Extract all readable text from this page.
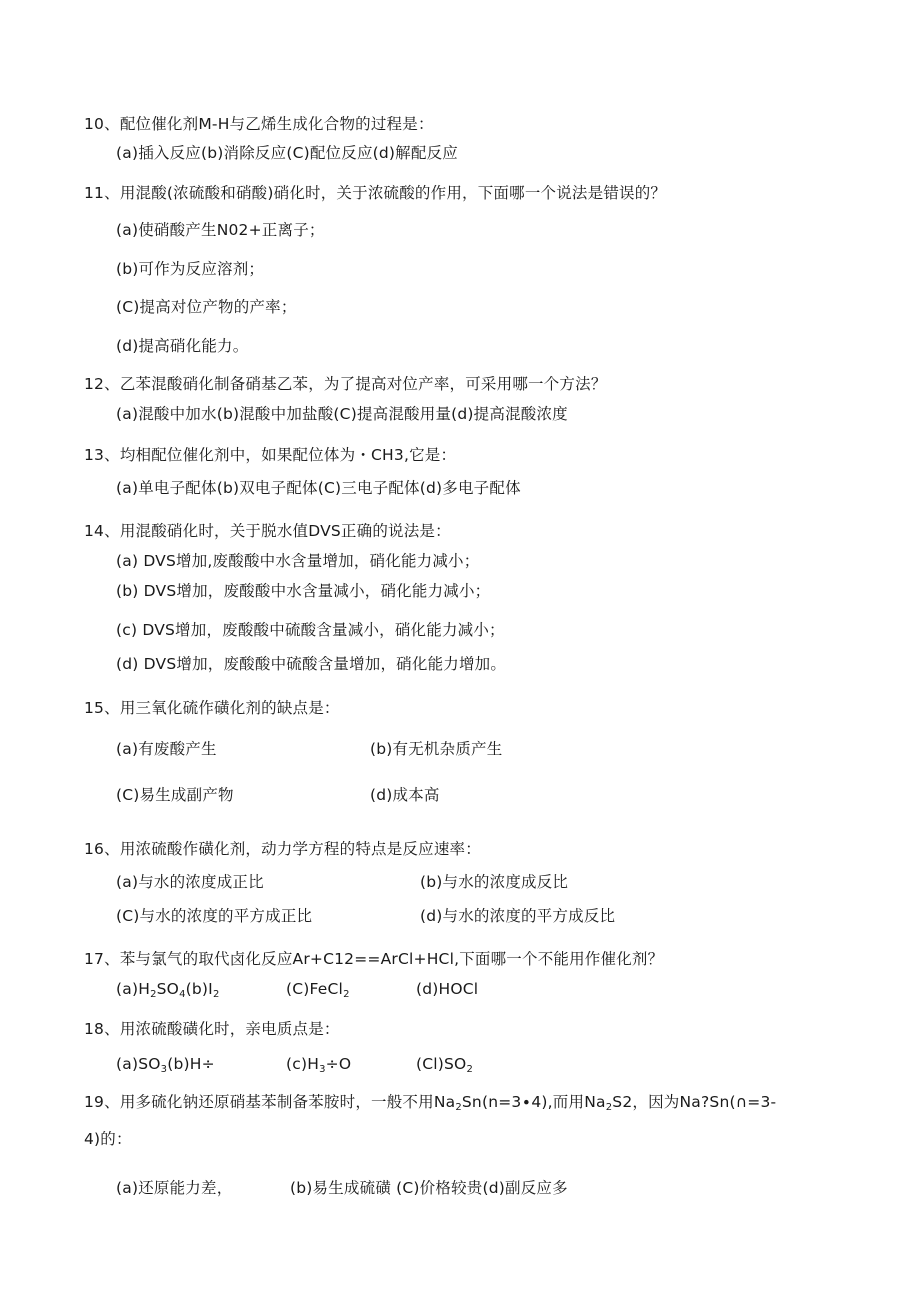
10、配位催化剂M-H与乙烯生成化合物的过程是：
(a)插入反应(b)消除反应(C)配位反应(d)解配反应
11、用混酸(浓硫酸和硝酸)硝化时，关于浓硫酸的作用，下面哪一个说法是错误的？
(a)使硝酸产生N02+正离子；
(b)可作为反应溶剂；
(C)提高对位产物的产率；
(d)提高硝化能力。
12、乙苯混酸硝化制备硝基乙苯，为了提高对位产率，可采用哪一个方法？
(a)混酸中加水(b)混酸中加盐酸(C)提高混酸用量(d)提高混酸浓度
13、均相配位催化剂中，如果配位体为・CH3,它是：
(a)单电子配体(b)双电子配体(C)三电子配体(d)多电子配体
14、用混酸硝化时，关于脱水值DVS正确的说法是：
(a) DVS增加,废酸酸中水含量增加，硝化能力减小；
(b) DVS增加，废酸酸中水含量减小，硝化能力减小；
(c) DVS增加，废酸酸中硫酸含量减小，硝化能力减小；
(d) DVS增加，废酸酸中硫酸含量增加，硝化能力增加。
15、用三氧化硫作磺化剂的缺点是：
(a)有废酸产生	(b)有无机杂质产生
(C)易生成副产物	(d)成本高
16、用浓硫酸作磺化剂，动力学方程的特点是反应速率：
(a)与水的浓度成正比	(b)与水的浓度成反比
(C)与水的浓度的平方成正比	(d)与水的浓度的平方成反比
17、苯与氯气的取代卤化反应Ar+C12==ArCl+HCl,下面哪一个不能用作催化剂？
$(a)H_2SO_4(b)I_2$	(C)FeCl$_2$	(d)HOCl
18、用浓硫酸磺化时，亲电质点是：
$(a)SO_3(b)H\div$	$(c)H_3\div O$	$(Cl)SO_2$
19、用多硫化钠还原硝基苯制备苯胺时，一般不用$Na_2Sn(n=3\cdot 4)$,而用$Na_2S2$，因为Na?Sn(∩=3-
4)的：
(a)还原能力差，	(b)易生成硫磺 (C)价格较贵(d)副反应多
